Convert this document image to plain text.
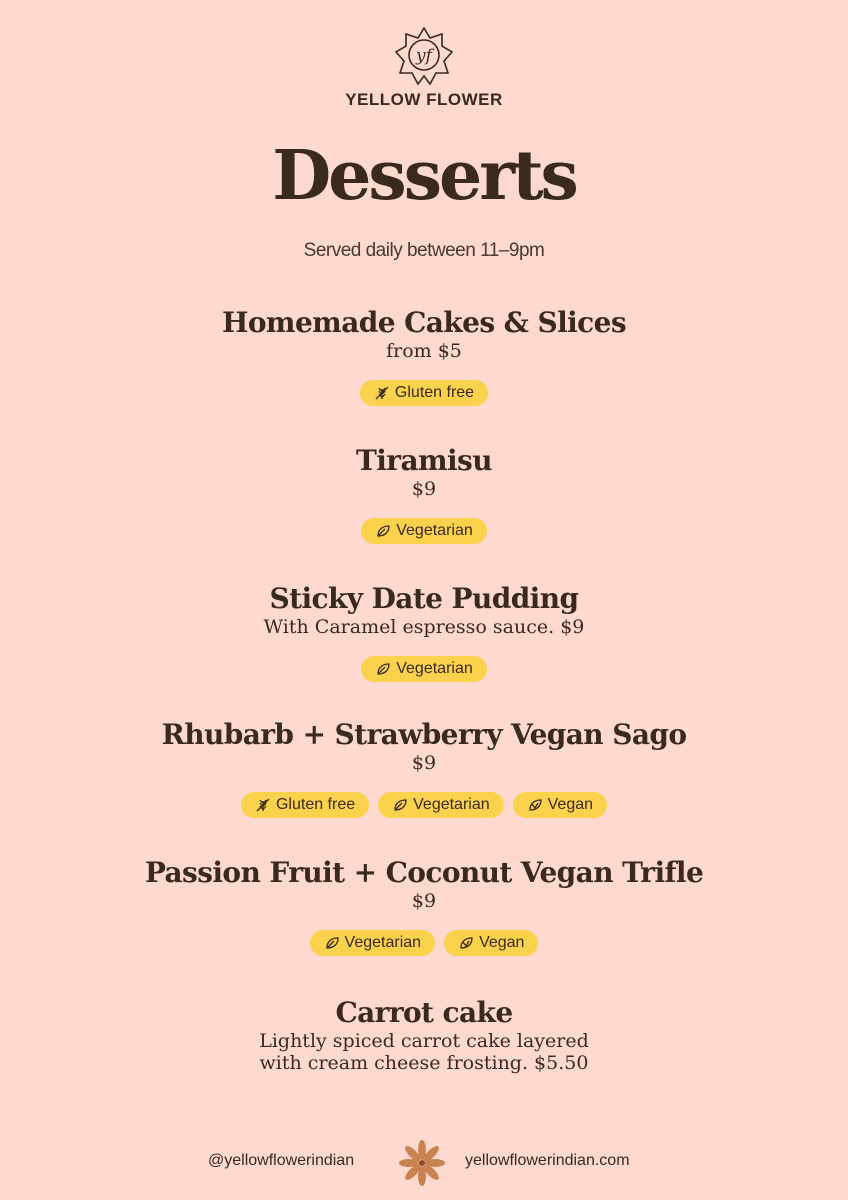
yf
YELLOW FLOWER
Desserts
Served daily between 11–9pm
Homemade Cakes & Slices
from $5
Gluten free
Tiramisu
$9
Vegetarian
Sticky Date Pudding
With Caramel espresso sauce. $9
Vegetarian
Rhubarb + Strawberry Vegan Sago
$9
Gluten free	Vegetarian	Vegan
Passion Fruit + Coconut Vegan Trifle
$9
Vegetarian	Vegan
Carrot cake
Lightly spiced carrot cake layered
with cream cheese frosting. $5.50
@yellowflowerindian	yellowflowerindian.com
